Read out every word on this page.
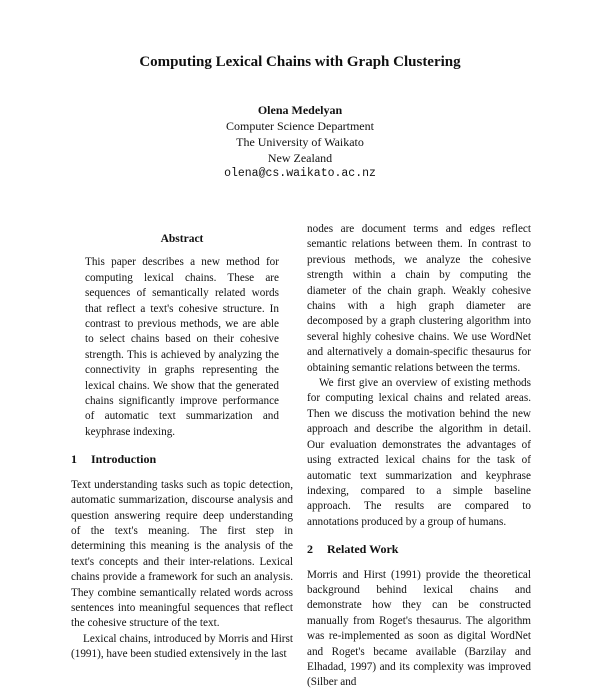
Computing Lexical Chains with Graph Clustering
Olena Medelyan
Computer Science Department
The University of Waikato
New Zealand
olena@cs.waikato.ac.nz
Abstract

This paper describes a new method for computing lexical chains. These are sequences of semantically related words that reflect a text's cohesive structure. In contrast to previous methods, we are able to select chains based on their cohesive strength. This is achieved by analyzing the connectivity in graphs representing the lexical chains. We show that the generated chains significantly improve performance of automatic text summarization and keyphrase indexing.

1 Introduction

Text understanding tasks such as topic detection, automatic summarization, discourse analysis and question answering require deep understanding of the text's meaning. The first step in determining this meaning is the analysis of the text's concepts and their inter-relations. Lexical chains provide a framework for such an analysis. They combine semantically related words across sentences into meaningful sequences that reflect the cohesive structure of the text.

Lexical chains, introduced by Morris and Hirst (1991), have been studied extensively in the last

nodes are document terms and edges reflect semantic relations between them. In contrast to previous methods, we analyze the cohesive strength within a chain by computing the diameter of the chain graph. Weakly cohesive chains with a high graph diameter are decomposed by a graph clustering algorithm into several highly cohesive chains. We use WordNet and alternatively a domain-specific thesaurus for obtaining semantic relations between the terms.

We first give an overview of existing methods for computing lexical chains and related areas. Then we discuss the motivation behind the new approach and describe the algorithm in detail. Our evaluation demonstrates the advantages of using extracted lexical chains for the task of automatic text summarization and keyphrase indexing, compared to a simple baseline approach. The results are compared to annotations produced by a group of humans.

2 Related Work

Morris and Hirst (1991) provide the theoretical background behind lexical chains and demonstrate how they can be constructed manually from Roget's thesaurus. The algorithm was re-implemented as soon as digital WordNet and Roget's became available (Barzilay and Elhadad, 1997) and its complexity was improved (Silber and
